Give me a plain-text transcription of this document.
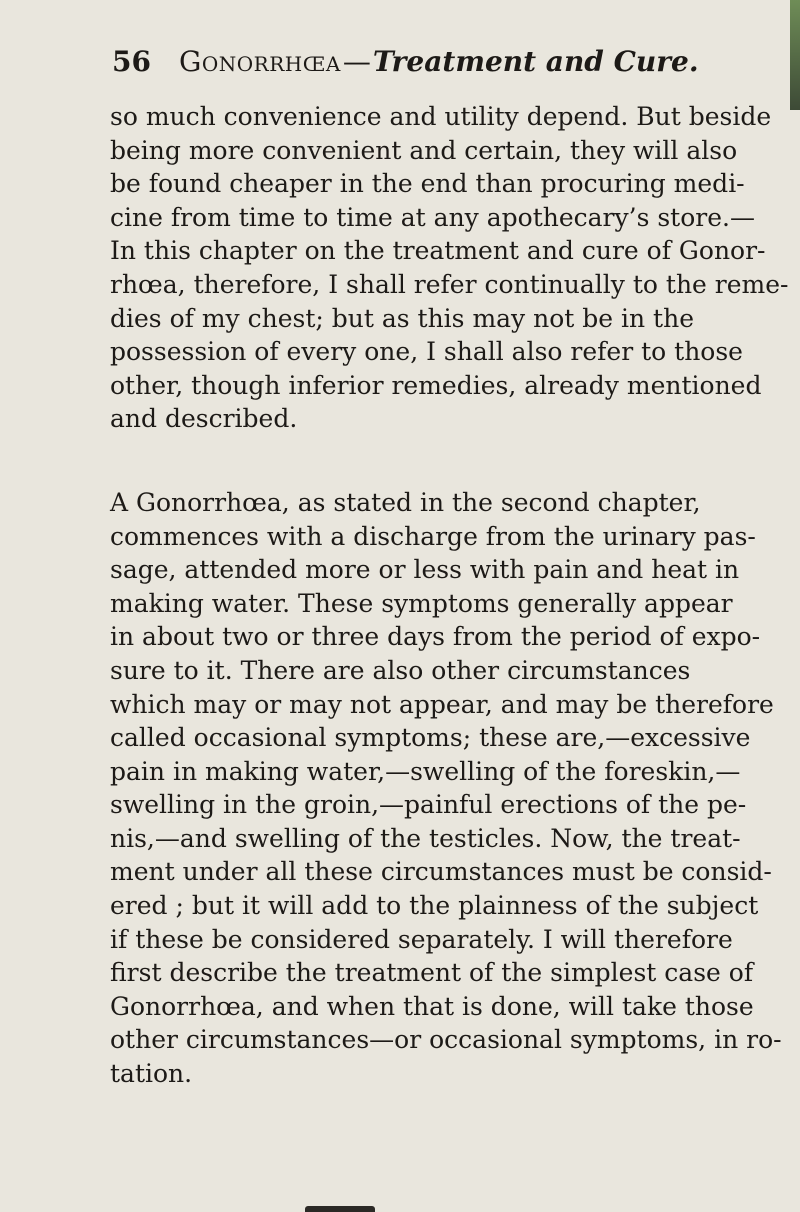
56 Gonorrhœa—Treatment and Cure.
so much convenience and utility depend. But beside
being more convenient and certain, they will also
be found cheaper in the end than procuring medi-
cine from time to time at any apothecary’s store.—
In this chapter on the treatment and cure of Gonor-
rhœa, therefore, I shall refer continually to the reme-
dies of my chest; but as this may not be in the
possession of every one, I shall also refer to those
other, though inferior remedies, already mentioned
and described.
A Gonorrhœa, as stated in the second chapter,
commences with a discharge from the urinary pas-
sage, attended more or less with pain and heat in
making water. These symptoms generally appear
in about two or three days from the period of expo-
sure to it. There are also other circumstances
which may or may not appear, and may be therefore
called occasional symptoms; these are,—excessive
pain in making water,—swelling of the foreskin,—
swelling in the groin,—painful erections of the pe-
nis,—and swelling of the testicles. Now, the treat-
ment under all these circumstances must be consid-
ered ; but it will add to the plainness of the subject
if these be considered separately. I will therefore
first describe the treatment of the simplest case of
Gonorrhœa, and when that is done, will take those
other circumstances—or occasional symptoms, in ro-
tation.
